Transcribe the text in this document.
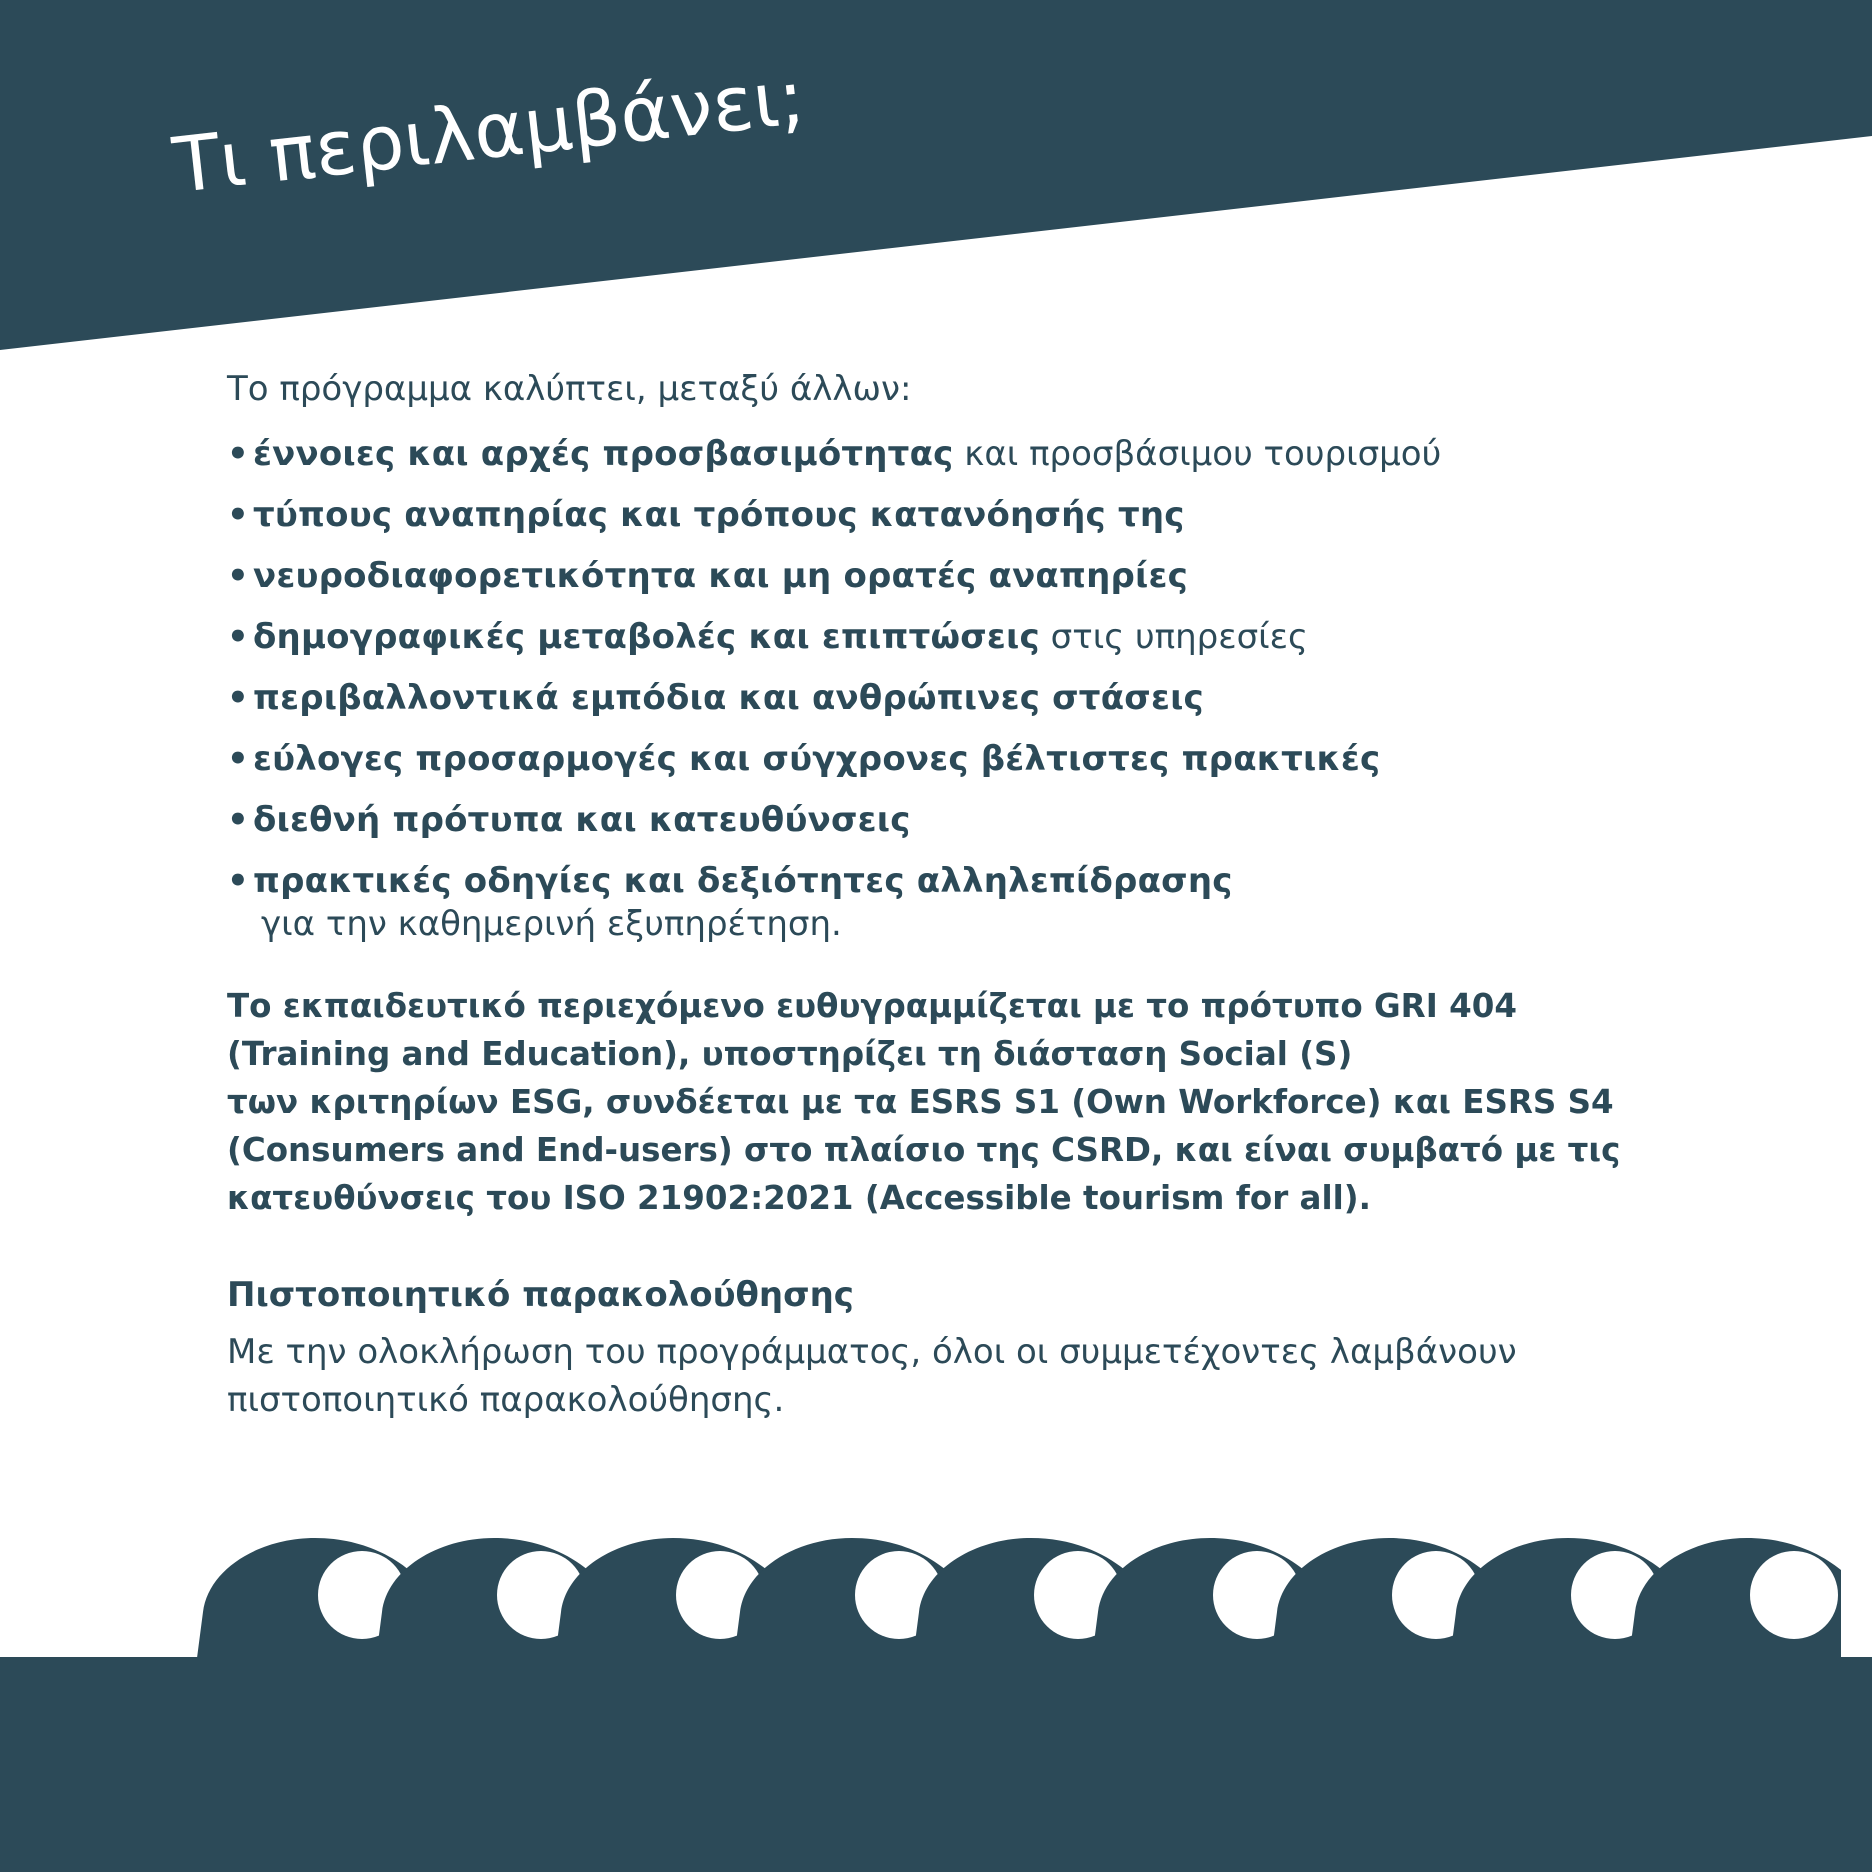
Τι περιλαμβάνει;

Το πρόγραμμα καλύπτει, μεταξύ άλλων:

• έννοιες και αρχές προσβασιμότητας και προσβάσιμου τουρισμού
• τύπους αναπηρίας και τρόπους κατανόησής της
• νευροδιαφορετικότητα και μη ορατές αναπηρίες
• δημογραφικές μεταβολές και επιπτώσεις στις υπηρεσίες
• περιβαλλοντικά εμπόδια και ανθρώπινες στάσεις
• εύλογες προσαρμογές και σύγχρονες βέλτιστες πρακτικές
• διεθνή πρότυπα και κατευθύνσεις
• πρακτικές οδηγίες και δεξιότητες αλληλεπίδρασης
για την καθημερινή εξυπηρέτηση.

Το εκπαιδευτικό περιεχόμενο ευθυγραμμίζεται με το πρότυπο GRI 404
(Training and Education), υποστηρίζει τη διάσταση Social (S)
των κριτηρίων ESG, συνδέεται με τα ESRS S1 (Own Workforce) και ESRS S4
(Consumers and End-users) στο πλαίσιο της CSRD, και είναι συμβατό με τις
κατευθύνσεις του ISO 21902:2021 (Accessible tourism for all).

Πιστοποιητικό παρακολούθησης

Με την ολοκλήρωση του προγράμματος, όλοι οι συμμετέχοντες λαμβάνουν
πιστοποιητικό παρακολούθησης.
